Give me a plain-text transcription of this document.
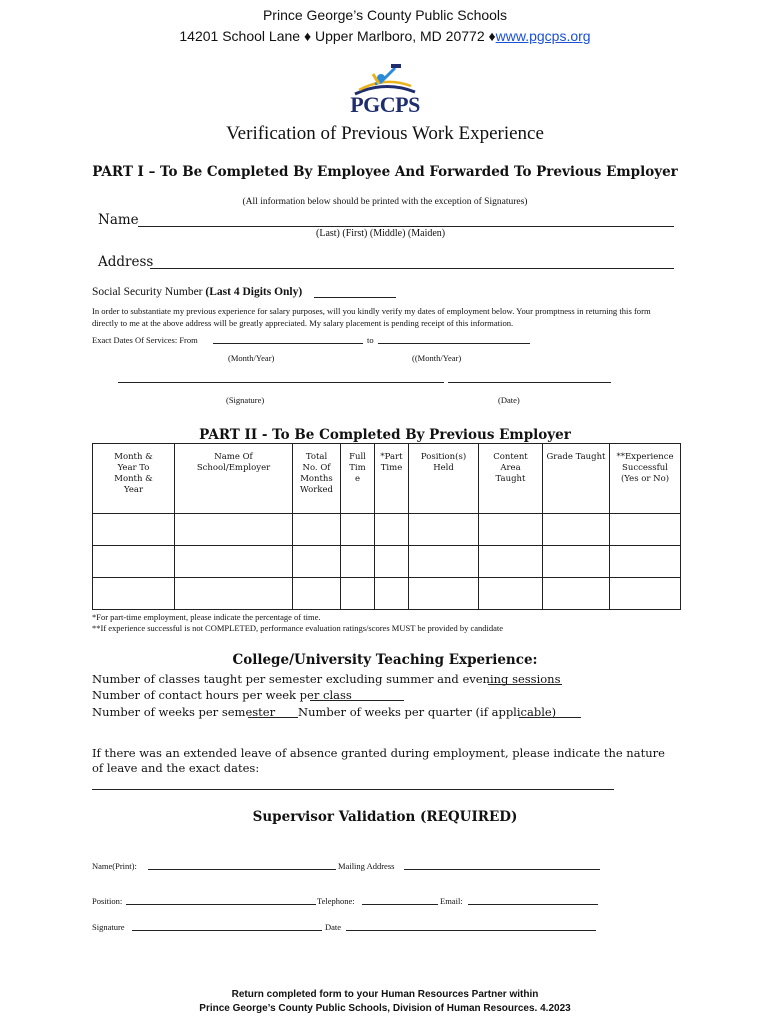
Prince George’s County Public Schools
14201 School Lane ♦ Upper Marlboro, MD 20772 ♦www.pgcps.org
PGCPS
Verification of Previous Work Experience
PART I – To Be Completed By Employee And Forwarded To Previous Employer
(All information below should be printed with the exception of Signatures)
Name
(Last) (First) (Middle) (Maiden)
Address
Social Security Number (Last 4 Digits Only)
In order to substantiate my previous experience for salary purposes, will you kindly verify my dates of employment below. Your promptness in returning this form directly to me at the above address will be greatly appreciated. My salary placement is pending receipt of this information.
Exact Dates Of Services: From	to
(Month/Year)	((Month/Year)
(Signature)	(Date)
PART II - To Be Completed By Previous Employer
Month & Year To Month & Year	Name Of School/Employer	Total No. Of Months Worked	Full Time	*Part Time	Position(s) Held	Content Area Taught	Grade Taught	**Experience Successful (Yes or No)

*For part-time employment, please indicate the percentage of time.
**If experience successful is not COMPLETED, performance evaluation ratings/scores MUST be provided by candidate
College/University Teaching Experience:
Number of classes taught per semester excluding summer and evening sessions
Number of contact hours per week per class
Number of weeks per semester Number of weeks per quarter (if applicable)
If there was an extended leave of absence granted during employment, please indicate the nature of leave and the exact dates:
Supervisor Validation (REQUIRED)
Name(Print):	Mailing Address
Position:	Telephone:	Email:
Signature	Date
Return completed form to your Human Resources Partner within
Prince George’s County Public Schools, Division of Human Resources. 4.2023
